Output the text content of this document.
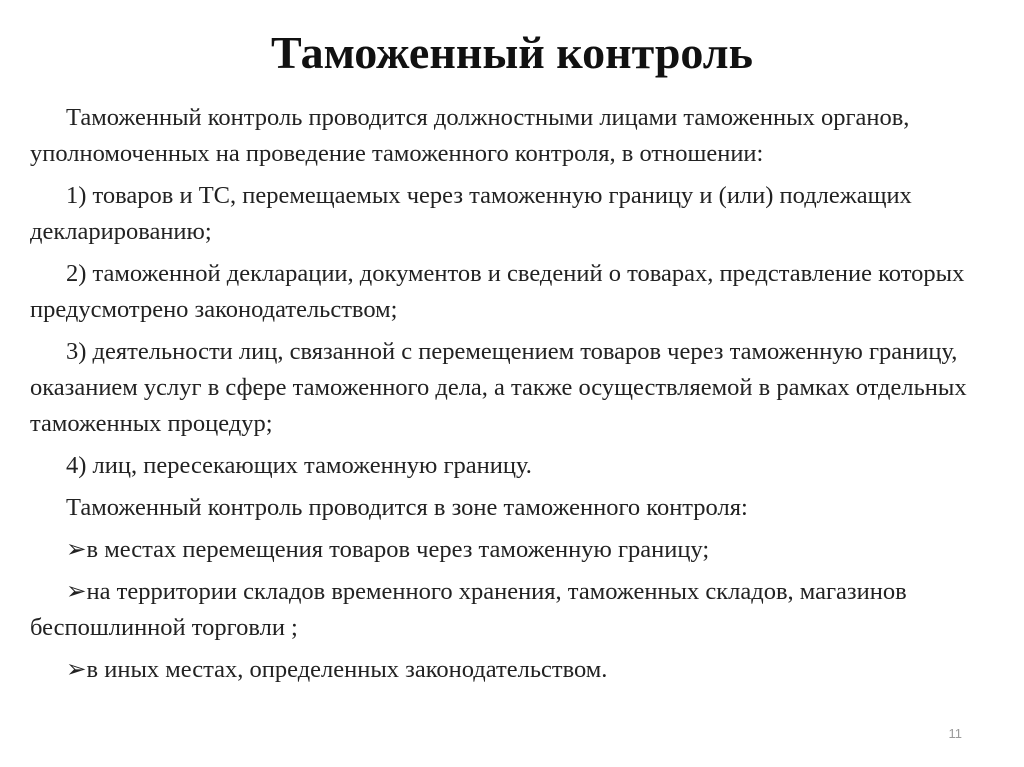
Таможенный контроль

Таможенный контроль проводится должностными лицами таможенных органов, уполномоченных на проведение таможенного контроля, в отношении:

1) товаров и ТС, перемещаемых через таможенную границу и (или) подлежащих декларированию;

2) таможенной декларации, документов и сведений о товарах, представление которых предусмотрено законодательством;

3) деятельности лиц, связанной с перемещением товаров через таможенную границу, оказанием услуг в сфере таможенного дела, а также осуществляемой в рамках отдельных таможенных процедур;

4) лиц, пересекающих таможенную границу.

Таможенный контроль проводится в зоне таможенного контроля:

➢в местах перемещения товаров через таможенную границу;
➢на территории складов временного хранения, таможенных складов, магазинов беспошлинной торговли ;
➢в иных местах, определенных законодательством.
11
